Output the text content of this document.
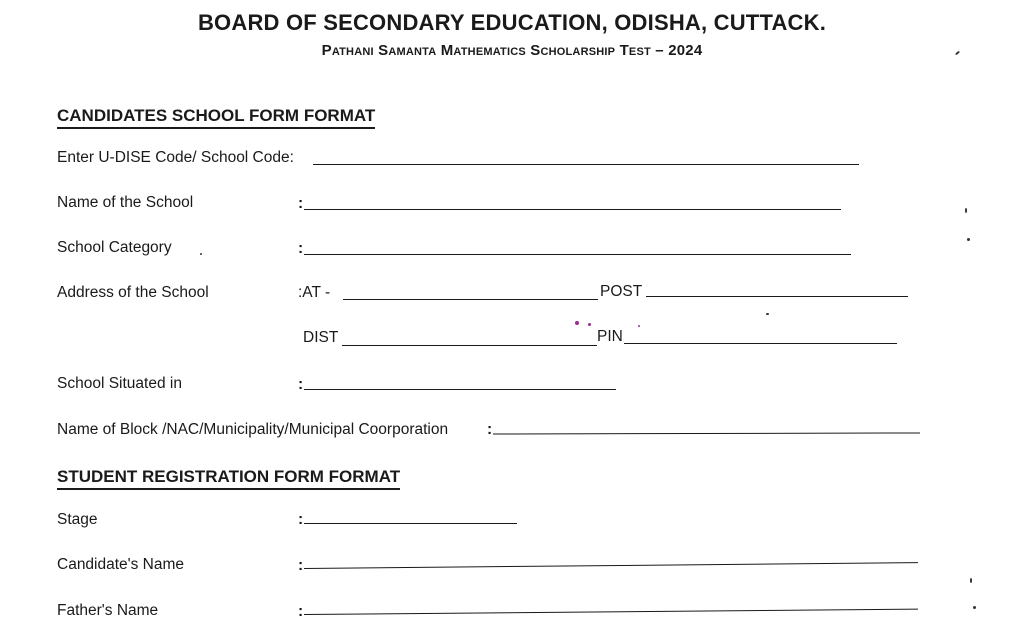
BOARD OF SECONDARY EDUCATION, ODISHA, CUTTACK.
Pathani Samanta Mathematics Scholarship Test – 2024
CANDIDATES SCHOOL FORM FORMAT
Enter U-DISE Code/ School Code:
Name of the School	:
School Category	:
Address of the School	:AT -	POST
DIST	PIN
School Situated in	:
Name of Block /NAC/Municipality/Municipal Coorporation	:
STUDENT REGISTRATION FORM FORMAT
Stage	:
Candidate's Name	:
Father's Name	:
